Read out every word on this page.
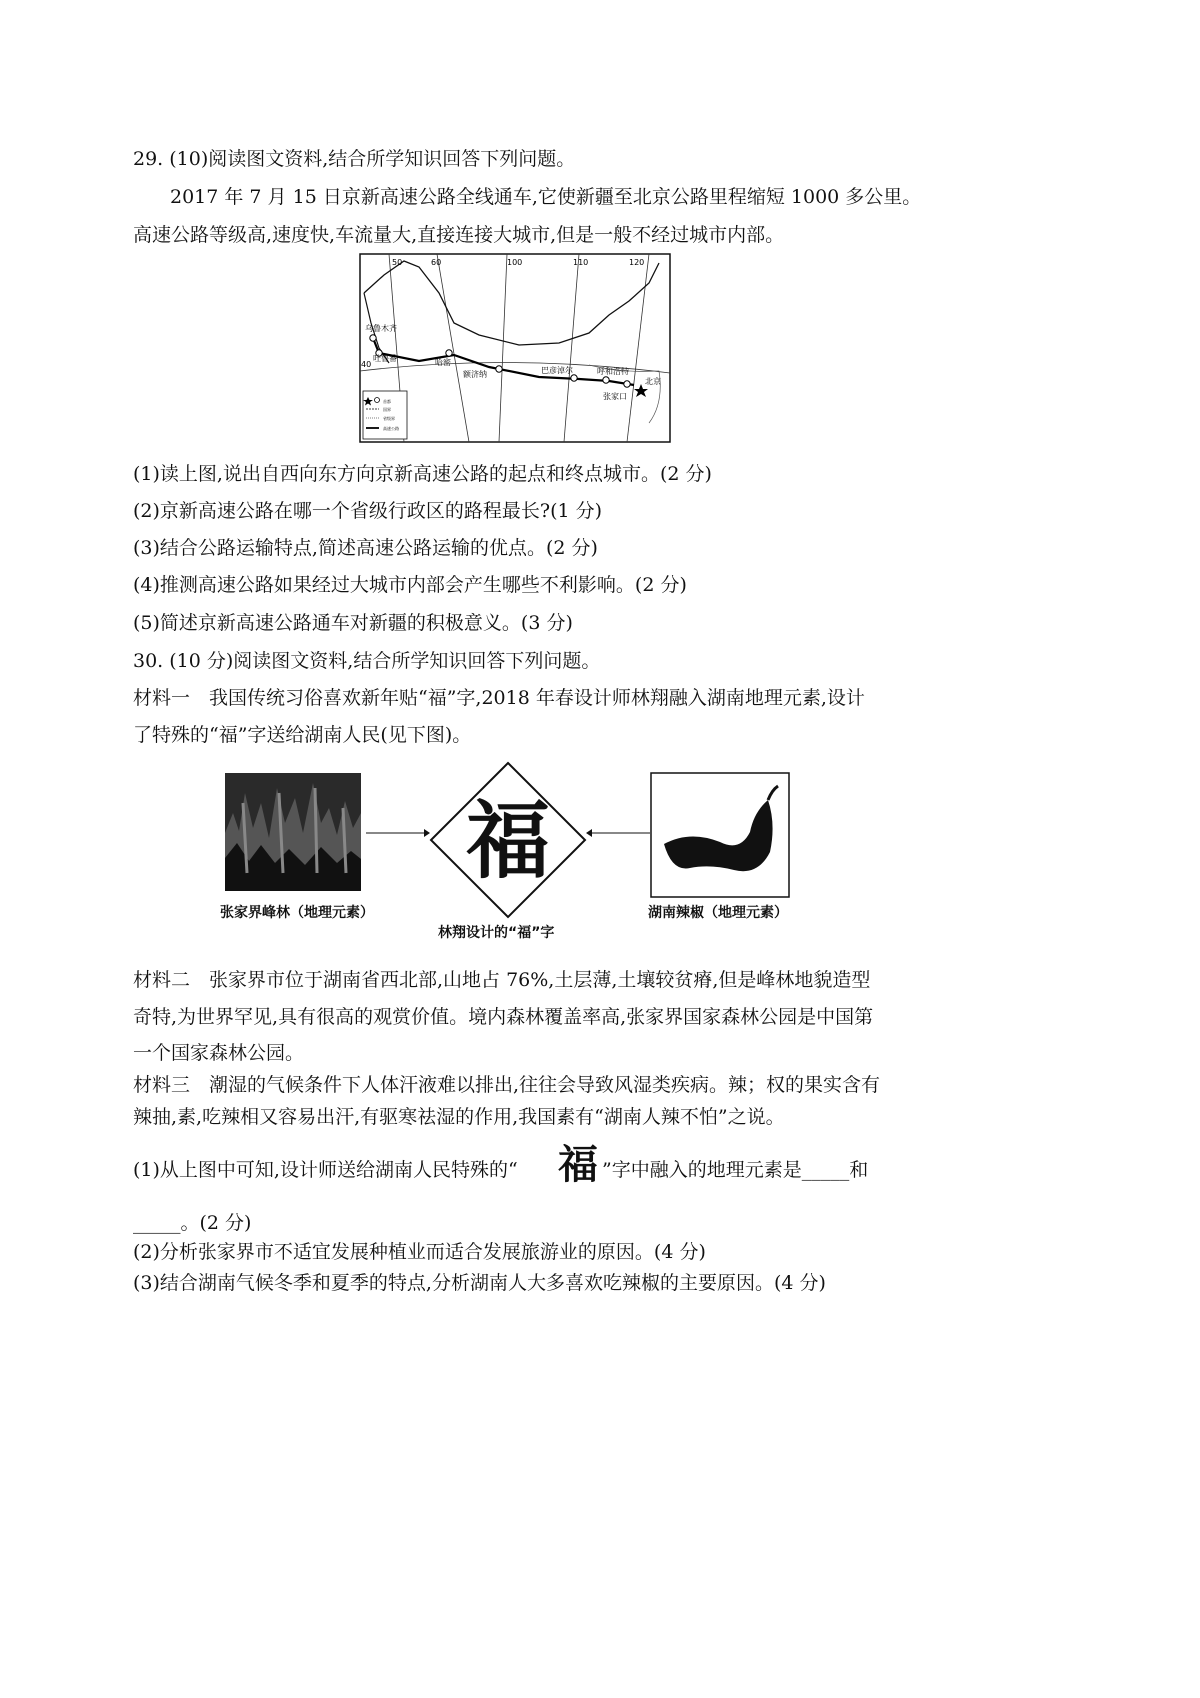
29. (10)阅读图文资料,结合所学知识回答下列问题。
2017 年 7 月 15 日京新高速公路全线通车,它使新疆至北京公路里程缩短 1000 多公里。
高速公路等级高,速度快,车流量大,直接连接大城市,但是一般不经过城市内部。
50	60	100	110	120
40
乌鲁木齐
吐鲁番	哈密
额济纳	巴彦淖尔	呼和浩特
北京
张家口
首都
国界
省级界
高速公路
(1)读上图,说出自西向东方向京新高速公路的起点和终点城市。(2 分)
(2)京新高速公路在哪一个省级行政区的路程最长?(1 分)
(3)结合公路运输特点,简述高速公路运输的优点。(2 分)
(4)推测高速公路如果经过大城市内部会产生哪些不利影响。(2 分)
(5)简述京新高速公路通车对新疆的积极意义。(3 分)
30. (10 分)阅读图文资料,结合所学知识回答下列问题。
材料一　我国传统习俗喜欢新年贴“福”字,2018 年春设计师林翔融入湖南地理元素,设计
了特殊的“福”字送给湖南人民(见下图)。
张家界峰林（地理元素）
福
林翔设计的“福”字
湖南辣椒（地理元素）
材料二　张家界市位于湖南省西北部,山地占 76%,土层薄,土壤较贫瘠,但是峰林地貌造型
奇特,为世界罕见,具有很高的观赏价值。境内森林覆盖率高,张家界国家森林公园是中国第
一个国家森林公园。
材料三　潮湿的气候条件下人体汗液难以排出,往往会导致风湿类疾病。辣；权的果实含有
辣抽,素,吃辣相又容易出汗,有驱寒祛湿的作用,我国素有“湖南人辣不怕”之说。
(1)从上图中可知,设计师送给湖南人民特殊的“ 福 ”字中融入的地理元素是_____和
_____。(2 分)
(2)分析张家界市不适宜发展种植业而适合发展旅游业的原因。(4 分)
(3)结合湖南气候冬季和夏季的特点,分析湖南人大多喜欢吃辣椒的主要原因。(4 分)
